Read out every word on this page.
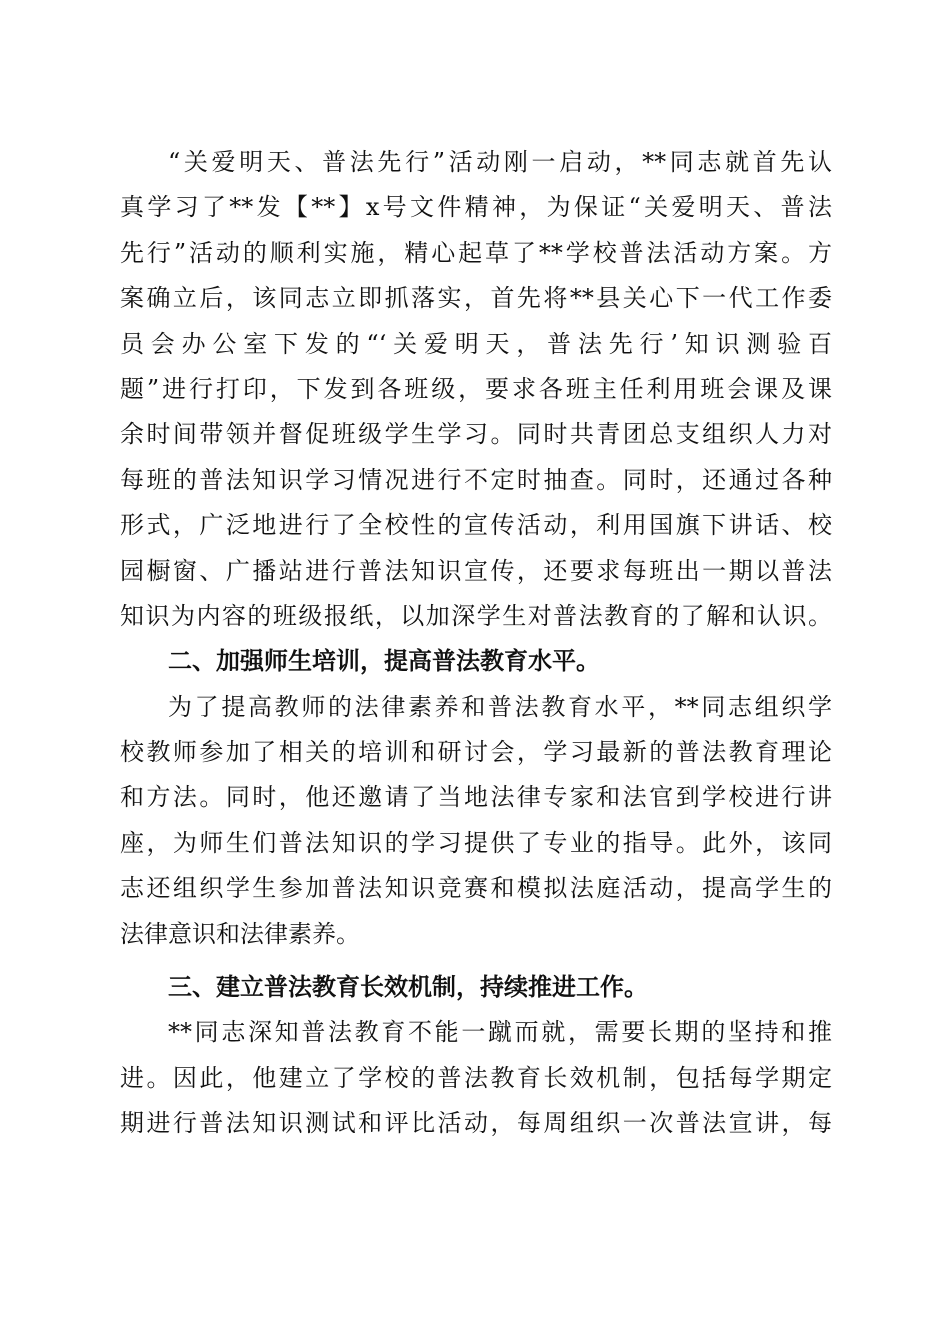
“关爱明天、普法先行”活动刚一启动，**同志就首先认
真学习了**发【**】x号文件精神，为保证“关爱明天、普法
先行”活动的顺利实施，精心起草了**学校普法活动方案。方
案确立后，该同志立即抓落实，首先将**县关心下一代工作委
员会办公室下发的“‘关爱明天，普法先行’知识测验百
题”进行打印，下发到各班级，要求各班主任利用班会课及课
余时间带领并督促班级学生学习。同时共青团总支组织人力对
每班的普法知识学习情况进行不定时抽查。同时，还通过各种
形式，广泛地进行了全校性的宣传活动，利用国旗下讲话、校
园橱窗、广播站进行普法知识宣传，还要求每班出一期以普法
知识为内容的班级报纸，以加深学生对普法教育的了解和认识。
二、加强师生培训，提高普法教育水平。
为了提高教师的法律素养和普法教育水平，**同志组织学
校教师参加了相关的培训和研讨会，学习最新的普法教育理论
和方法。同时，他还邀请了当地法律专家和法官到学校进行讲
座，为师生们普法知识的学习提供了专业的指导。此外，该同
志还组织学生参加普法知识竞赛和模拟法庭活动，提高学生的
法律意识和法律素养。
三、建立普法教育长效机制，持续推进工作。
**同志深知普法教育不能一蹴而就，需要长期的坚持和推
进。因此，他建立了学校的普法教育长效机制，包括每学期定
期进行普法知识测试和评比活动，每周组织一次普法宣讲，每
